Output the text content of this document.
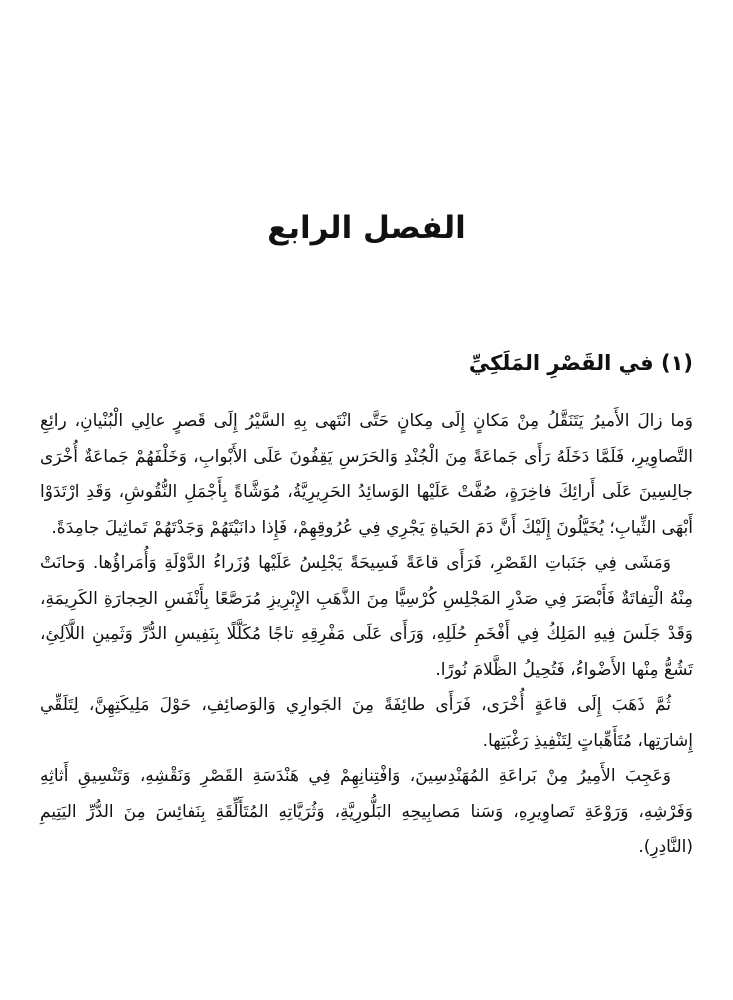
الفصل الرابع
(١) في القَصْرِ المَلَكِيِّ

وَما زالَ الأَميرُ يَتَنَقَّلُ مِنْ مَكانٍ إِلَى مِكانٍ حَتَّى انْتَهى بِهِ السَّيْرُ إِلَى قَصرٍ عالِي الْبُنْيانِ، رائِعِ التَّصاوِيرِ، فَلَمَّا دَخَلَهُ رَأَى جَماعَةً مِنَ الْجُنْدِ وَالحَرَسِ يَقِفُونَ عَلَى الأَبْوابِ، وَخَلْفَهُمْ جَماعَةٌ أُخْرَى جالِسِينَ عَلَى أَرائِكَ فاخِرَةٍ، صُفَّتْ عَلَيْها الوَسائِدُ الحَرِيرِيَّةُ، مُوَشَّاةً بِأَجْمَلِ النُّقُوشِ، وَقَدِ ارْتَدَوْا أَبْهَى الثِّيابِ؛ يُخَيَّلُونَ إِلَيْكَ أَنَّ دَمَ الحَياةِ يَجْرِي فِي عُرُوقِهِمْ، فَإِذا دانَيْتَهُمْ وَجَدْتَهُمْ تَماثِيلَ جامِدَةً.

وَمَشَى فِي جَنَباتِ القَصْرِ، فَرَأَى قاعَةً فَسِيحَةً يَجْلِسُ عَلَيْها وُزَراءُ الدَّوْلَةِ وَأُمَراؤُها. وَحانَتْ مِنْهُ الْتِفاتَةٌ فَأَبْصَرَ فِي صَدْرِ المَجْلِسِ كُرْسِيًّا مِنَ الذَّهَبِ الإِبْرِيزِ مُرَصَّعًا بِأَنْفَسِ الحِجارَةِ الكَرِيمَةِ، وَقَدْ جَلَسَ فِيهِ المَلِكُ فِي أَفْخَمِ حُلَلِهِ، وَرَأَى عَلَى مَفْرِقِهِ تاجًا مُكَلَّلًا بِنَفِيسِ الدُّرِّ وَثَمِينِ اللَّآلِئِ، تَشُعُّ مِنْها الأَضْواءُ، فَتُحِيلُ الظَّلامَ نُورًا.

ثُمَّ ذَهَبَ إِلَى قاعَةٍ أُخْرَى، فَرَأَى طائِفَةً مِنَ الجَوارِي وَالوَصائِفِ، حَوْلَ مَلِيكَتِهِنَّ، لِتَلَقِّي إِشارَتِها، مُتَأَهِّباتٍ لِتَنْفِيذِ رَغْبَتِها.

وَعَجِبَ الأَمِيرُ مِنْ بَراعَةِ المُهَنْدِسِينَ، وَافْتِنانِهِمْ فِي هَنْدَسَةِ القَصْرِ وَنَقْشِهِ، وَتَنْسِيقِ أَثاثِهِ وَفَرْشِهِ، وَرَوْعَةِ تَصاوِيرِهِ، وَسَنا مَصابِيحِهِ البَلُّورِيَّةِ، وَثُرَيَّاتِهِ المُتَأَلِّقَةِ بِنَفائِسَ مِنَ الدُّرِّ اليَتِيمِ (النَّادِرِ).
